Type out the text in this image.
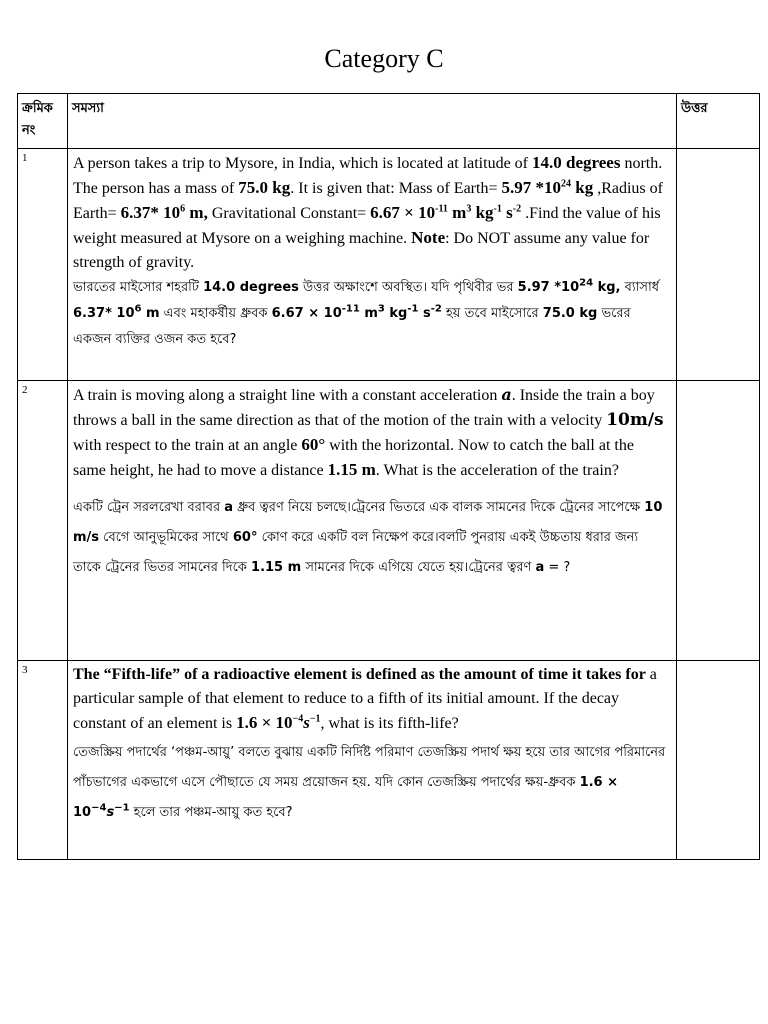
Category C
ক্রমিক নং	সমস্যা	উত্তর
1	A person takes a trip to Mysore, in India, which is located at latitude of 14.0 degrees north. The person has a mass of 75.0 kg. It is given that: Mass of Earth= 5.97 $*10^{24}$ kg ,Radius of Earth= 6.37* $10^6$ m, Gravitational Constant= $6.67 \times 10^{-11}$ $m^3$ $kg^{-1}$ $s^{-2}$ .Find the value of his weight measured at Mysore on a weighing machine. Note: Do NOT assume any value for strength of gravity.

ভারতের মাইসোর শহরটি 14.0 degrees উত্তর অক্ষাংশে অবস্থিত। যদি পৃথিবীর ভর 5.97 $*10^{24}$ kg, ব্যাসার্ধ 6.37* $10^6$ m এবং মহাকর্ষীয় ধ্রুবক $6.67 \times 10^{-11}$ $m^3$ $kg^{-1}$ $s^{-2}$ হয় তবে মাইসোরে 75.0 kg ভরের একজন ব্যক্তির ওজন কত হবে?	

2	A train is moving along a straight line with a constant acceleration a. Inside the train a boy throws a ball in the same direction as that of the motion of the train with a velocity 10m/s with respect to the train at an angle 60° with the horizontal. Now to catch the ball at the same height, he had to move a distance 1.15 m. What is the acceleration of the train?

একটি ট্রেন সরলরেখা বরাবর a ধ্রুব ত্বরণ নিয়ে চলছে।ট্রেনের ভিতরে এক বালক সামনের দিকে ট্রেনের সাপেক্ষে 10 m/s বেগে আনুভূমিকের সাথে 60° কোণ করে একটি বল নিক্ষেপ করে।বলটি পুনরায় একই উচ্চতায় ধরার জন্য তাকে ট্রেনের ভিতর সামনের দিকে 1.15 m সামনের দিকে এগিয়ে যেতে হয়।ট্রেনের ত্বরণ a = ?	

3	The “Fifth-life” of a radioactive element is defined as the amount of time it takes for a particular sample of that element to reduce to a fifth of its initial amount. If the decay constant of an element is $1.6 \times 10^{-4}s^{-1}$, what is its fifth-life?

তেজস্ক্রিয় পদার্থের ‘পঞ্চম-আয়ু’ বলতে বুঝায় একটি নির্দিষ্ট পরিমাণ তেজস্ক্রিয় পদার্থ ক্ষয় হয়ে তার আগের পরিমানের পাঁচভাগের একভাগে এসে পৌছাতে যে সময় প্রয়োজন হয়. যদি কোন তেজস্ক্রিয় পদার্থের ক্ষয়-ধ্রুবক $1.6 \times 10^{-4}s^{-1}$ হলে তার পঞ্চম-আয়ু কত হবে?	
